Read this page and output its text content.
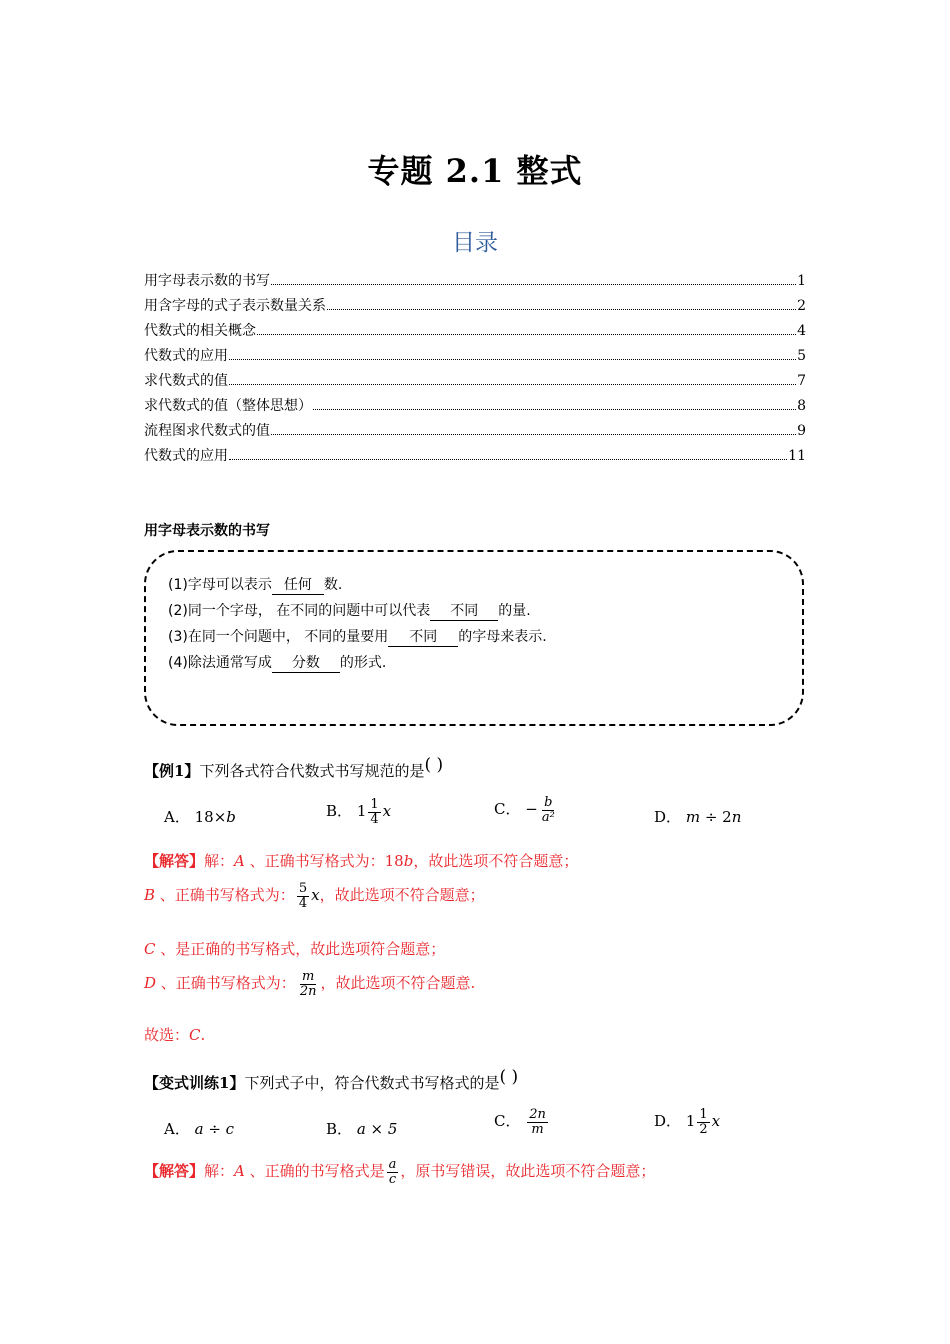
专题 2.1 整式
目录
用字母表示数的书写	1
用含字母的式子表示数量关系	2
代数式的相关概念	4
代数式的应用	5
求代数式的值	7
求代数式的值（整体思想）	8
流程图求代数式的值	9
代数式的应用	11
用字母表示数的书写
(1)字母可以表示 任何 数.
(2)同一个字母， 在不同的问题中可以代表 不同 的量.
(3)在同一个问题中， 不同的量要用 不同 的字母来表示.
(4)除法通常写成 分数 的形式.
【例1】下列各式符合代数式书写规范的是( )
A． 18×b	B． $1 \frac{1}{4}$ x	C． − $\frac{b}{\text{a²}}$	D． m ÷ 2n
【解答】解：A 、正确书写格式为：18b，故此选项不符合题意；
B 、正确书写格式为： $\frac{5}{4}$ x，故此选项不符合题意；
C 、是正确的书写格式，故此选项符合题意；
D 、正确书写格式为： $\frac{m}{2n}$ ，故此选项不符合题意.
故选：C.
【变式训练1】下列式子中，符合代数式书写格式的是( )
A． a ÷ c	B． a × 5	C． $\frac{2n}{m}$	D． $1 \frac{1}{2}$ x
【解答】解：A 、正确的书写格式是 $\frac{a}{c}$ ，原书写错误，故此选项不符合题意；
